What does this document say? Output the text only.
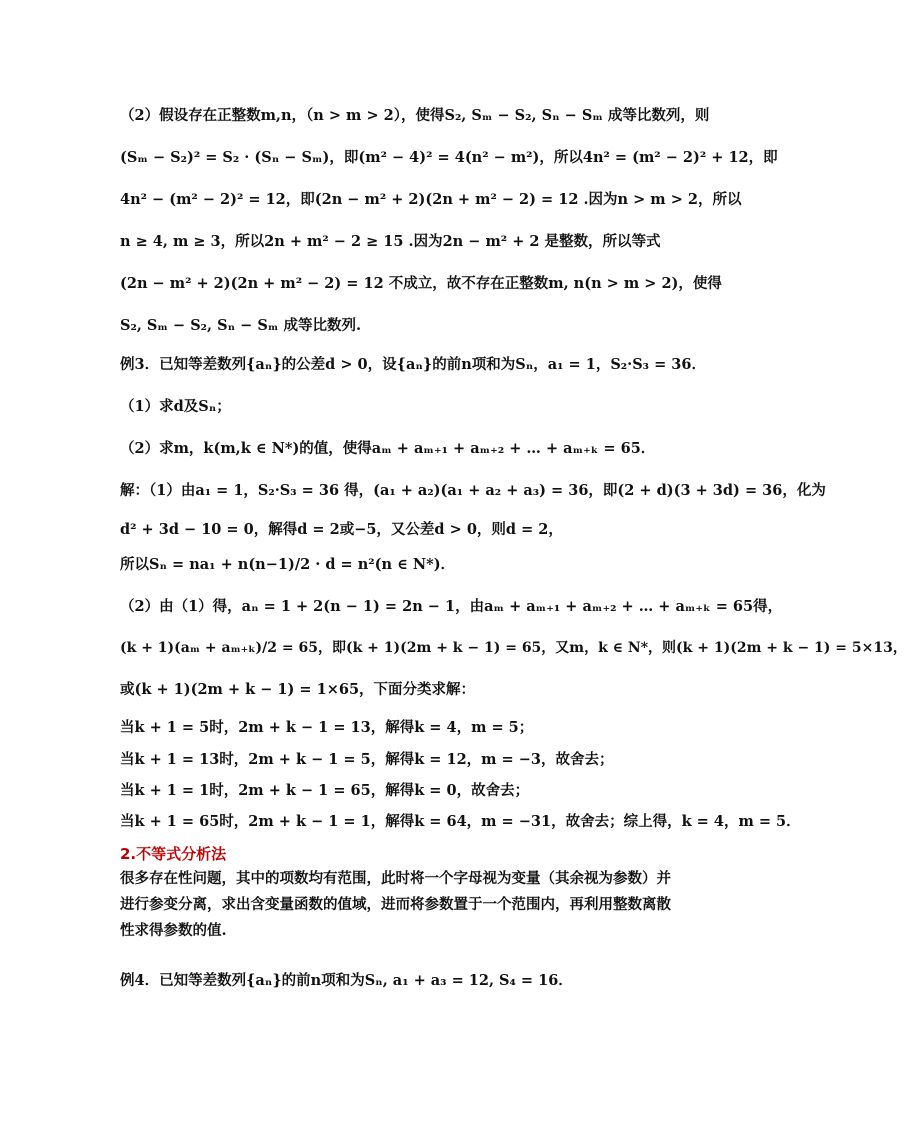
（2）假设存在正整数m,n，（n > m > 2），使得S₂, Sₘ − S₂, Sₙ − Sₘ 成等比数列，则
(Sₘ − S₂)² = S₂ · (Sₙ − Sₘ)，即(m² − 4)² = 4(n² − m²)，所以4n² = (m² − 2)² + 12，即
4n² − (m² − 2)² = 12，即(2n − m² + 2)(2n + m² − 2) = 12 .因为n > m > 2，所以
n ≥ 4, m ≥ 3，所以2n + m² − 2 ≥ 15 .因为2n − m² + 2 是整数，所以等式
(2n − m² + 2)(2n + m² − 2) = 12 不成立，故不存在正整数m, n(n > m > 2)，使得
S₂, Sₘ − S₂, Sₙ − Sₘ 成等比数列.
例3．已知等差数列{aₙ}的公差d > 0，设{aₙ}的前n项和为Sₙ，a₁ = 1，S₂·S₃ = 36．
（1）求d及Sₙ；
（2）求m，k(m,k ∈ N*)的值，使得aₘ + aₘ₊₁ + aₘ₊₂ + … + aₘ₊ₖ = 65．
解：（1）由a₁ = 1，S₂·S₃ = 36 得，(a₁ + a₂)(a₁ + a₂ + a₃) = 36，即(2 + d)(3 + 3d) = 36，化为
d² + 3d − 10 = 0，解得d = 2或−5，又公差d > 0，则d = 2，
所以Sₙ = na₁ + n(n−1)/2 · d = n²(n ∈ N*)．
（2）由（1）得，aₙ = 1 + 2(n − 1) = 2n − 1，由aₘ + aₘ₊₁ + aₘ₊₂ + … + aₘ₊ₖ = 65得，
(k + 1)(aₘ + aₘ₊ₖ)/2 = 65，即(k + 1)(2m + k − 1) = 65，又m，k ∈ N*，则(k + 1)(2m + k − 1) = 5×13，
或(k + 1)(2m + k − 1) = 1×65，下面分类求解：
当k + 1 = 5时，2m + k − 1 = 13，解得k = 4，m = 5；
当k + 1 = 13时，2m + k − 1 = 5，解得k = 12，m = −3，故舍去；
当k + 1 = 1时，2m + k − 1 = 65，解得k = 0，故舍去；
当k + 1 = 65时，2m + k − 1 = 1，解得k = 64，m = −31，故舍去；综上得，k = 4，m = 5．
2.不等式分析法
很多存在性问题，其中的项数均有范围，此时将一个字母视为变量（其余视为参数）并进行参变分离，求出含变量函数的值域，进而将参数置于一个范围内，再利用整数离散性求得参数的值.
例4．已知等差数列{aₙ}的前n项和为Sₙ, a₁ + a₃ = 12, S₄ = 16．
